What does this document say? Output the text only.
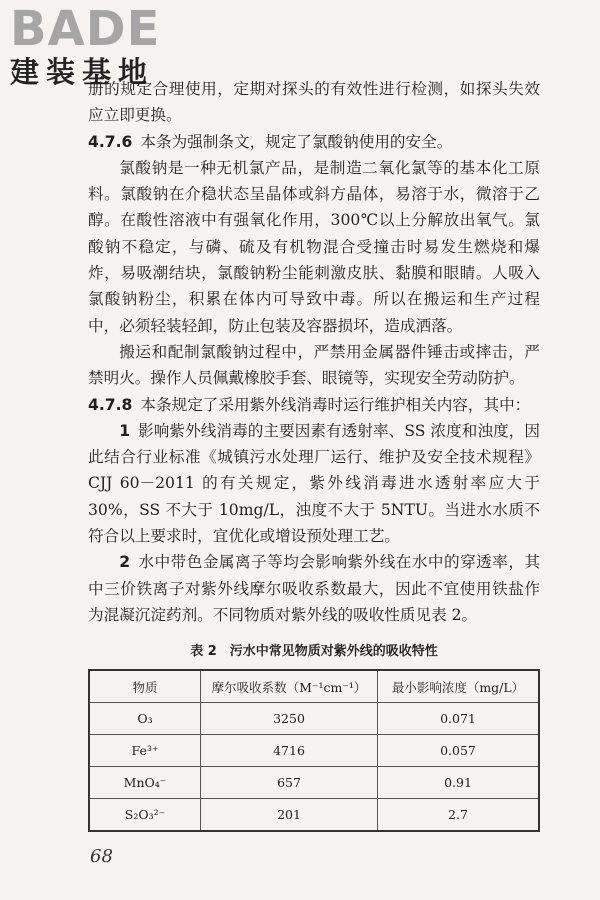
BADE
建装基地

册的规定合理使用，定期对探头的有效性进行检测，如探头失效应立即更换。

4.7.6 本条为强制条文，规定了氯酸钠使用的安全。

氯酸钠是一种无机氯产品，是制造二氧化氯等的基本化工原料。氯酸钠在介稳状态呈晶体或斜方晶体，易溶于水，微溶于乙醇。在酸性溶液中有强氧化作用，300℃以上分解放出氧气。氯酸钠不稳定，与磷、硫及有机物混合受撞击时易发生燃烧和爆炸，易吸潮结块，氯酸钠粉尘能刺激皮肤、黏膜和眼睛。人吸入氯酸钠粉尘，积累在体内可导致中毒。所以在搬运和生产过程中，必须轻装轻卸，防止包装及容器损坏，造成洒落。

搬运和配制氯酸钠过程中，严禁用金属器件锤击或摔击，严禁明火。操作人员佩戴橡胶手套、眼镜等，实现安全劳动防护。

4.7.8 本条规定了采用紫外线消毒时运行维护相关内容，其中：

1 影响紫外线消毒的主要因素有透射率、SS 浓度和浊度，因此结合行业标准《城镇污水处理厂运行、维护及安全技术规程》CJJ 60－2011 的有关规定，紫外线消毒进水透射率应大于30%，SS 不大于 10mg/L，浊度不大于 5NTU。当进水水质不符合以上要求时，宜优化或增设预处理工艺。

2 水中带色金属离子等均会影响紫外线在水中的穿透率，其中三价铁离子对紫外线摩尔吸收系数最大，因此不宜使用铁盐作为混凝沉淀药剂。不同物质对紫外线的吸收性质见表 2。

表 2　污水中常见物质对紫外线的吸收特性
物质	摩尔吸收系数（M⁻¹cm⁻¹）	最小影响浓度（mg/L）
O₃	3250	0.071
Fe³⁺	4716	0.057
MnO₄⁻	657	0.91
S₂O₃²⁻	201	2.7
68
